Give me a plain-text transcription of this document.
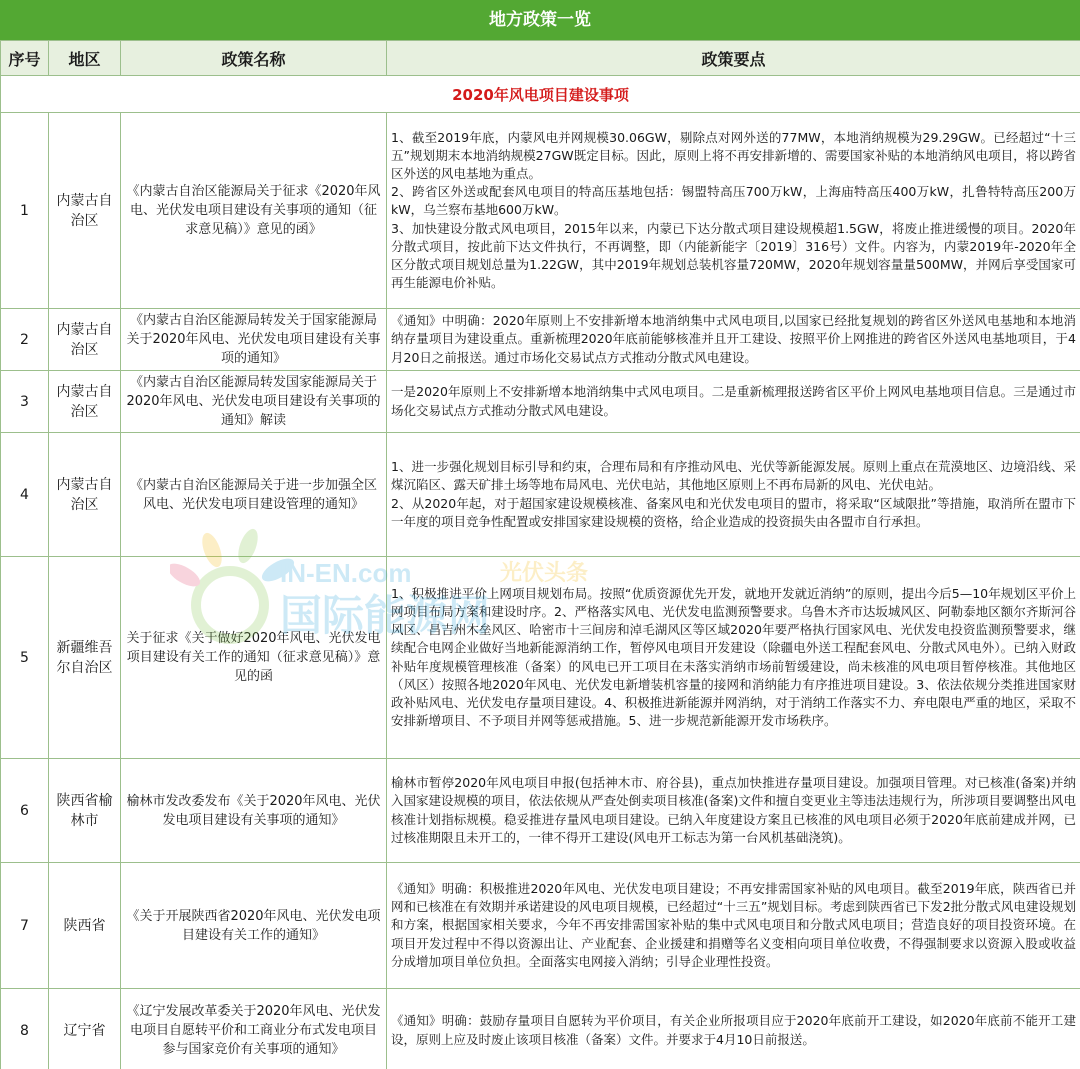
地方政策一览
序号	地区	政策名称	政策要点
2020年风电项目建设事项			
1	内蒙古自治区	《内蒙古自治区能源局关于征求《2020年风电、光伏发电项目建设有关事项的通知（征求意见稿）》意见的函》	1、截至2019年底，内蒙风电并网规模30.06GW，剔除点对网外送的77MW，本地消纳规模为29.29GW。已经超过“十三五”规划期末本地消纳规模27GW既定目标。因此，原则上将不再安排新增的、需要国家补贴的本地消纳风电项目，将以跨省区外送的风电基地为重点。
2、跨省区外送或配套风电项目的特高压基地包括：锡盟特高压700万kW，上海庙特高压400万kW，扎鲁特特高压200万kW，乌兰察布基地600万kW。
3、加快建设分散式风电项目，2015年以来，内蒙已下达分散式项目建设规模超1.5GW，将废止推进缓慢的项目。2020年分散式项目，按此前下达文件执行，不再调整，即（内能新能字〔2019〕316号）文件。内容为，内蒙2019年-2020年全区分散式项目规划总量为1.22GW，其中2019年规划总装机容量720MW，2020年规划容量量500MW，并网后享受国家可再生能源电价补贴。
2	内蒙古自治区	《内蒙古自治区能源局转发关于国家能源局关于2020年风电、光伏发电项目建设有关事项的通知》	《通知》中明确：2020年原则上不安排新增本地消纳集中式风电项目,以国家已经批复规划的跨省区外送风电基地和本地消纳存量项目为建设重点。重新梳理2020年底前能够核准并且开工建设、按照平价上网推进的跨省区外送风电基地项目，于4月20日之前报送。通过市场化交易试点方式推动分散式风电建设。
3	内蒙古自治区	《内蒙古自治区能源局转发国家能源局关于2020年风电、光伏发电项目建设有关事项的通知》解读	一是2020年原则上不安排新增本地消纳集中式风电项目。二是重新梳理报送跨省区平价上网风电基地项目信息。三是通过市场化交易试点方式推动分散式风电建设。
4	内蒙古自治区	《内蒙古自治区能源局关于进一步加强全区风电、光伏发电项目建设管理的通知》	1、进一步强化规划目标引导和约束，合理布局和有序推动风电、光伏等新能源发展。原则上重点在荒漠地区、边境沿线、采煤沉陷区、露天矿排土场等地布局风电、光伏电站，其他地区原则上不再布局新的风电、光伏电站。
2、从2020年起，对于超国家建设规模核准、备案风电和光伏发电项目的盟市，将采取“区域限批”等措施，取消所在盟市下一年度的项目竞争性配置或安排国家建设规模的资格，给企业造成的投资损失由各盟市自行承担。
5	新疆维吾尔自治区	关于征求《关于做好2020年风电、光伏发电项目建设有关工作的通知（征求意见稿）》意见的函	1、积极推进平价上网项目规划布局。按照“优质资源优先开发，就地开发就近消纳”的原则，提出今后5—10年规划区平价上网项目布局方案和建设时序。2、严格落实风电、光伏发电监测预警要求。乌鲁木齐市达坂城风区、阿勒泰地区额尔齐斯河谷风区、昌吉州木垒风区、哈密市十三间房和淖毛湖风区等区域2020年要严格执行国家风电、光伏发电投资监测预警要求，继续配合电网企业做好当地新能源消纳工作，暂停风电项目开发建设（除疆电外送工程配套风电、分散式风电外）。已纳入财政补贴年度规模管理核准（备案）的风电已开工项目在未落实消纳市场前暂缓建设，尚未核准的风电项目暂停核准。其他地区（风区）按照各地2020年风电、光伏发电新增装机容量的接网和消纳能力有序推进项目建设。3、依法依规分类推进国家财政补贴风电、光伏发电存量项目建设。4、积极推进新能源并网消纳，对于消纳工作落实不力、弃电限电严重的地区，采取不安排新增项目、不予项目并网等惩戒措施。5、进一步规范新能源开发市场秩序。
6	陕西省榆林市	榆林市发改委发布《关于2020年风电、光伏发电项目建设有关事项的通知》	榆林市暂停2020年风电项目申报(包括神木市、府谷县)，重点加快推进存量项目建设。加强项目管理。对已核准(备案)并纳入国家建设规模的项目，依法依规从严查处倒卖项目核准(备案)文件和擅自变更业主等违法违规行为，所涉项目要调整出风电核准计划指标规模。稳妥推进存量风电项目建设。已纳入年度建设方案且已核准的风电项目必须于2020年底前建成并网，已过核准期限且未开工的，一律不得开工建设(风电开工标志为第一台风机基础浇筑)。
7	陕西省	《关于开展陕西省2020年风电、光伏发电项目建设有关工作的通知》	《通知》明确：积极推进2020年风电、光伏发电项目建设；不再安排需国家补贴的风电项目。截至2019年底，陕西省已并网和已核准在有效期并承诺建设的风电项目规模，已经超过“十三五”规划目标。考虑到陕西省已下发2批分散式风电建设规划和方案，根据国家相关要求，今年不再安排需国家补贴的集中式风电项目和分散式风电项目；营造良好的项目投资环境。在项目开发过程中不得以资源出让、产业配套、企业援建和捐赠等名义变相向项目单位收费，不得强制要求以资源入股或收益分成增加项目单位负担。全面落实电网接入消纳；引导企业理性投资。
8	辽宁省	《辽宁发展改革委关于2020年风电、光伏发电项目自愿转平价和工商业分布式发电项目参与国家竞价有关事项的通知》	《通知》明确：鼓励存量项目自愿转为平价项目，有关企业所报项目应于2020年底前开工建设，如2020年底前不能开工建设，原则上应及时废止该项目核准（备案）文件。并要求于4月10日前报送。
IN-EN.com
国际能源网
光伏头条
